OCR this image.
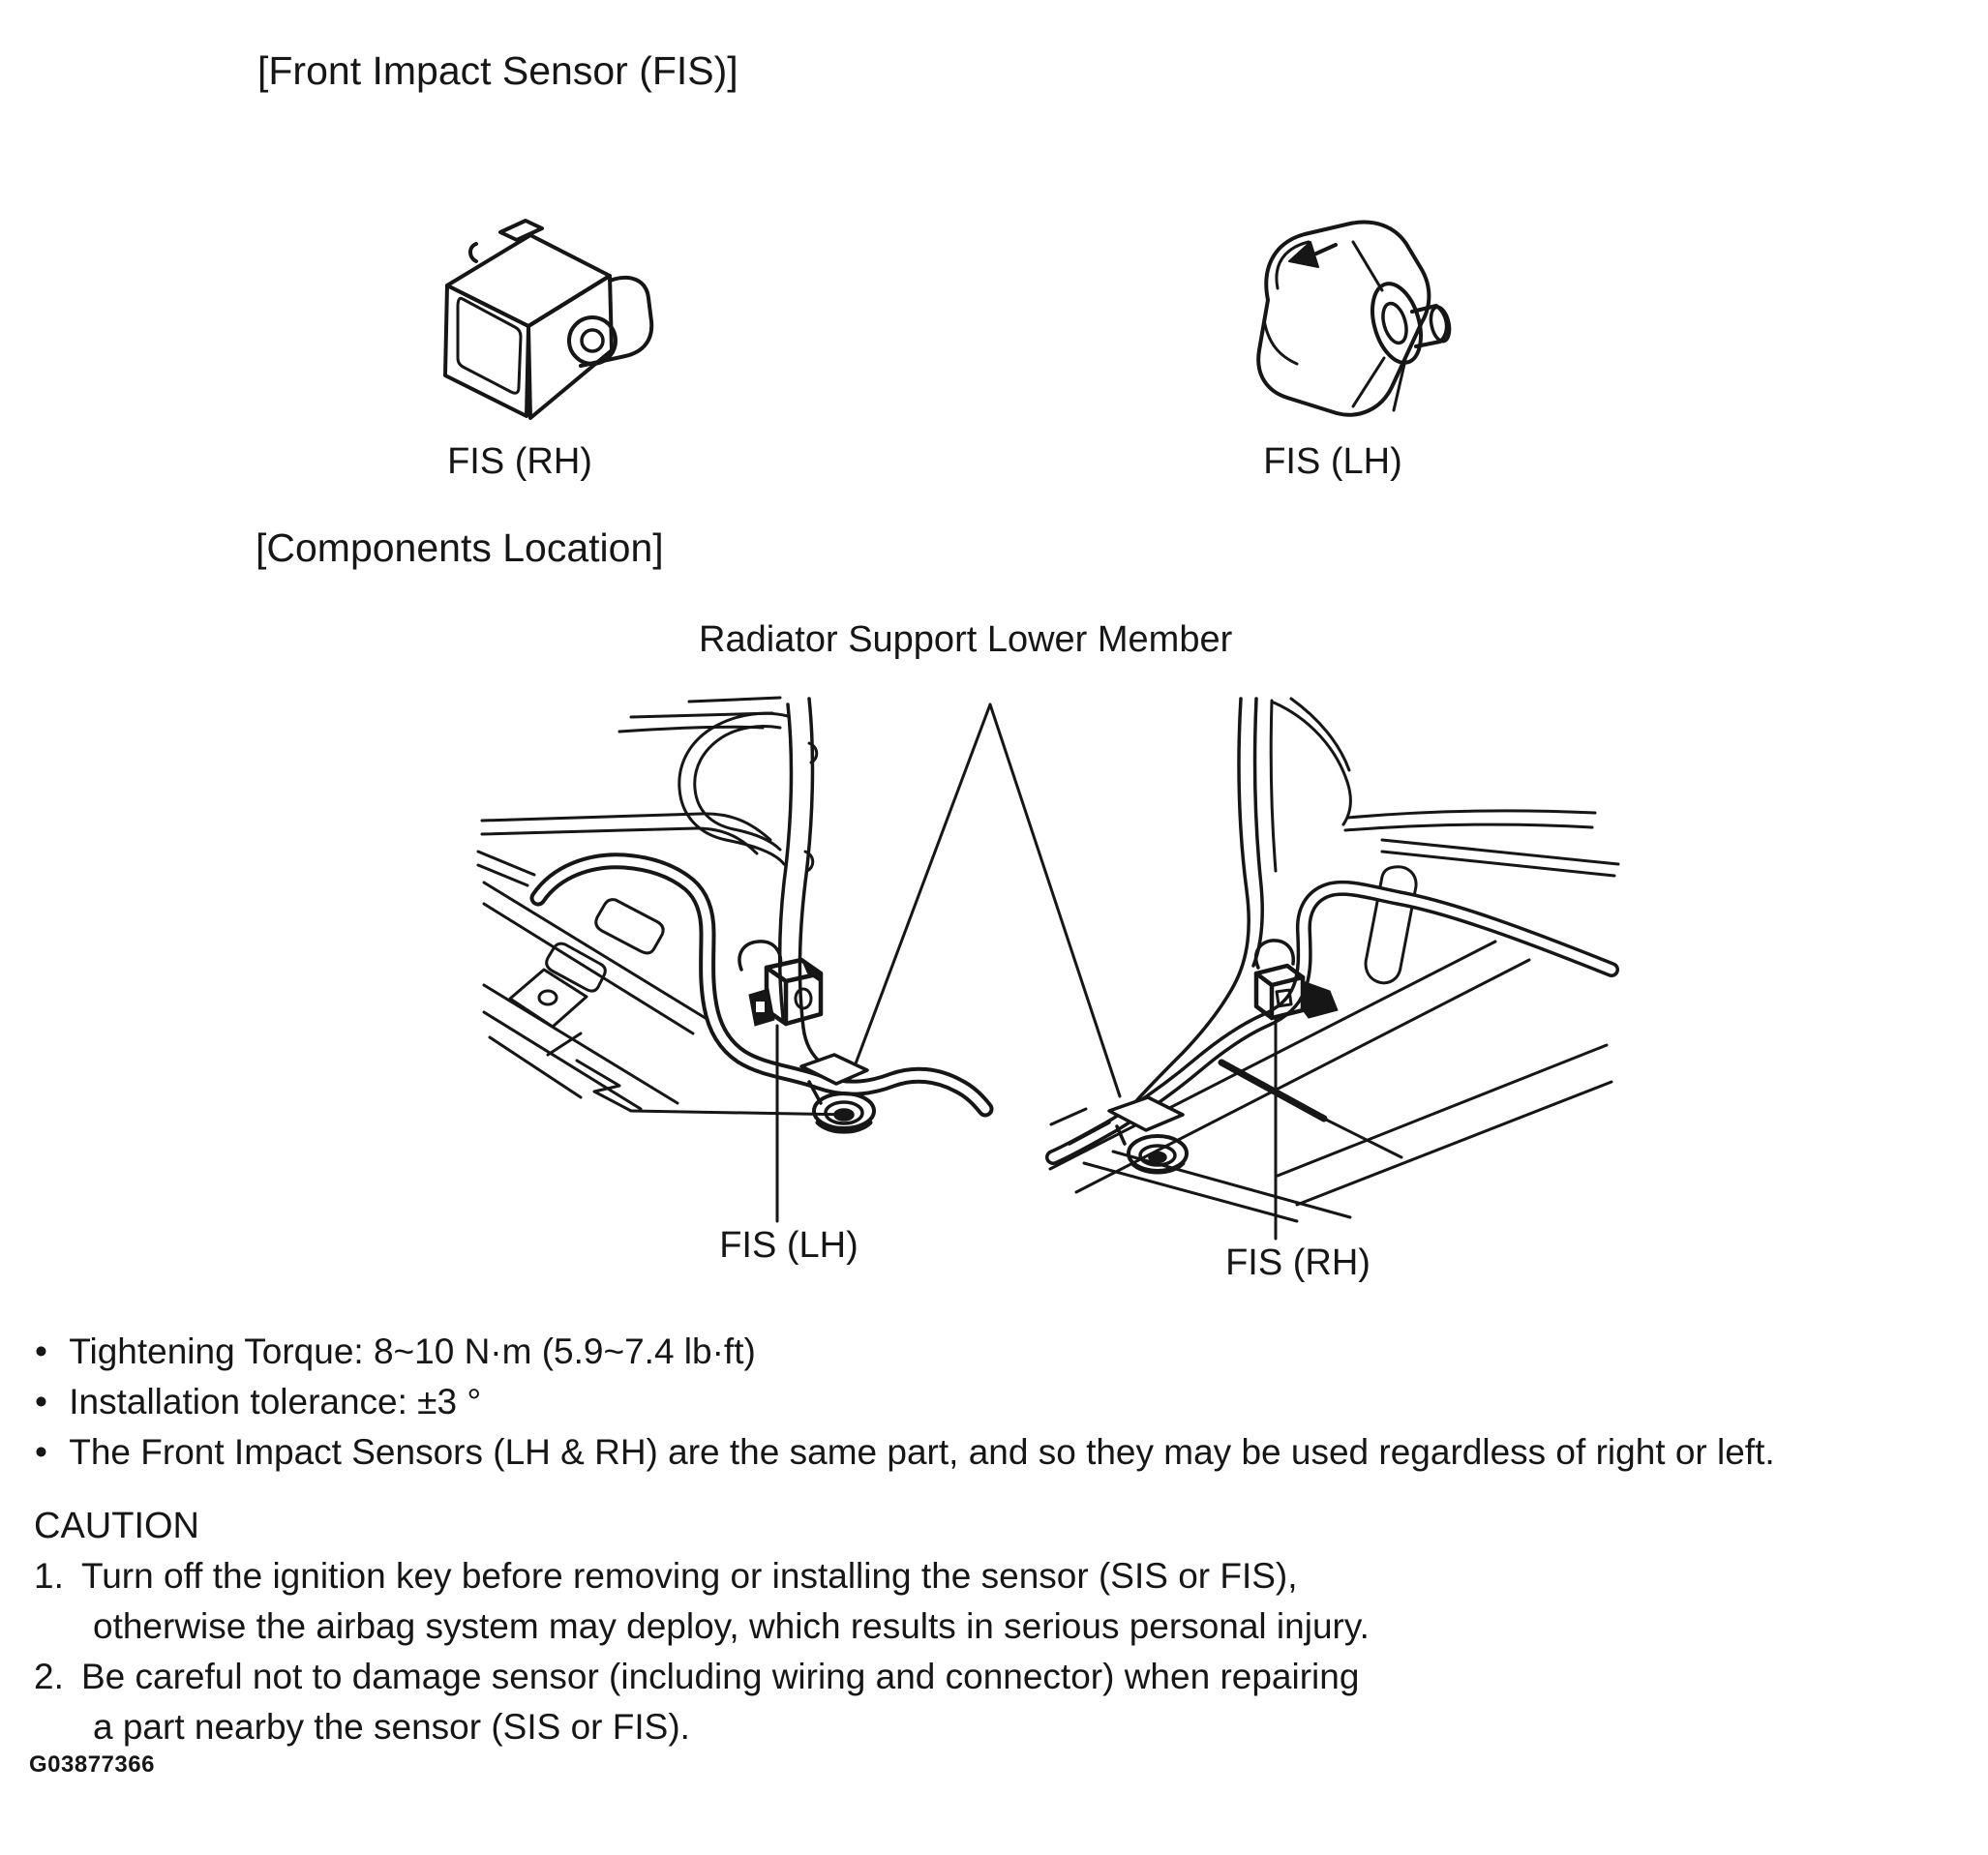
[Front Impact Sensor (FIS)]
FIS (RH)	FIS (LH)
[Components Location]
Radiator Support Lower Member
FIS (LH)	FIS (RH)
• Tightening Torque: 8~10 N·m (5.9~7.4 lb·ft)
• Installation tolerance: ±3 °
• The Front Impact Sensors (LH & RH) are the same part, and so they may be used regardless of right or left.
CAUTION
1. Turn off the ignition key before removing or installing the sensor (SIS or FIS),
otherwise the airbag system may deploy, which results in serious personal injury.
2. Be careful not to damage sensor (including wiring and connector) when repairing
a part nearby the sensor (SIS or FIS).
G03877366
